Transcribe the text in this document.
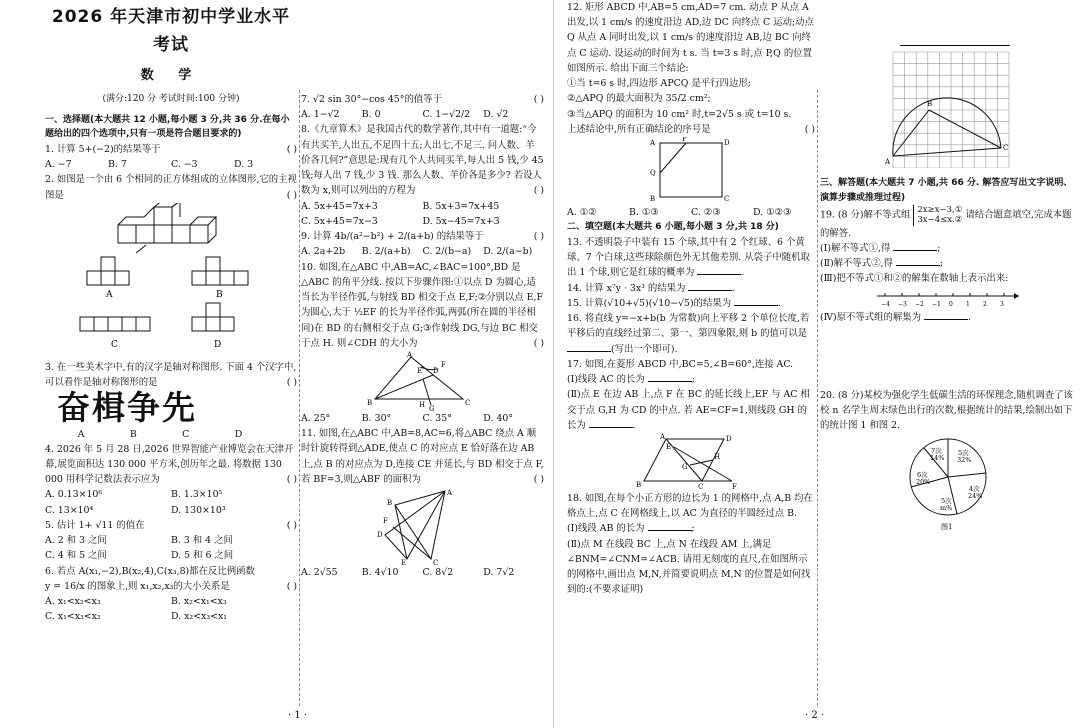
2026 年天津市初中学业水平考试
数 学
(满分:120 分 考试时间:100 分钟)
一、选择题(本大题共 12 小题,每小题 3 分,共 36 分.在每小题给出的四个选项中,只有一项是符合题目要求的)
1. 计算 5+(−2)的结果等于	( )
A. −7	B. 7	C. −3	D. 3
2. 如图是一个由 6 个相同的正方体组成的立体图形,它的主视图是	( )
A	B
C	D
3. 在一些美术字中,有的汉字是轴对称图形. 下面 4 个汉字中,可以看作是轴对称图形的是	( )
奋楫争先
A	B	C	D
4. 2026 年 5 月 28 日,2026 世界智能产业博览会在天津开幕,展览面积达 130 000 平方米,创历年之最. 将数据 130 000 用科学记数法表示应为	( )
A. 0.13×10⁶	B. 1.3×10⁵
C. 13×10⁴	D. 130×10³
5. 估计 1+ √11 的值在	( )
A. 2 和 3 之间	B. 3 和 4 之间
C. 4 和 5 之间	D. 5 和 6 之间
6. 若点 A(x₁,−2),B(x₂,4),C(x₃,8)都在反比例函数
y = 16/x 的图象上,则 x₁,x₂,x₃的大小关系是	( )
A. x₁<x₂<x₃	B. x₂<x₁<x₃
C. x₁<x₃<x₂	D. x₂<x₃<x₁
7. √2 sin 30°−cos 45°的值等于	( )
A. 1−√2	B. 0	C. 1−√2/2	D. √2
8.《九章算术》是我国古代的数学著作,其中有一道题:“今有共买羊,人出五,不足四十五;人出七,不足三. 问人数、羊价各几何?”意思是:现有几个人共同买羊,每人出 5 钱,少 45 钱;每人出 7 钱,少 3 钱. 那么人数、羊价各是多少? 若设人数为 x,则可以列出的方程为	( )
A. 5x+45=7x+3	B. 5x+3=7x+45
C. 5x+45=7x−3	D. 5x−45=7x+3
9. 计算 4b/(a²−b²) + 2/(a+b) 的结果等于	( )
A. 2a+2b	B. 2/(a+b)	C. 2/(b−a)	D. 2/(a−b)
10. 如图,在△ABC 中,AB=AC,∠BAC=100°,BD 是△ABC 的角平分线. 按以下步骤作图:①以点 D 为圆心,适当长为半径作弧,与射线 BD 相交于点 E,F;②分别以点 E,F 为圆心,大于 ½EF 的长为半径作弧,两弧(所在圆的半径相同)在 BD 的右侧相交于点 G;③作射线 DG,与边 BC 相交于点 H. 则∠CDH 的大小为	( )
A
B	C
D
E
F
G
H
A. 25°	B. 30°	C. 35°	D. 40°
11. 如图,在△ABC 中,AB=8,AC=6,将△ABC 绕点 A 顺时针旋转得到△ADE,使点 C 的对应点 E 恰好落在边 AB 上,点 B 的对应点为 D,连接 CE 并延长,与 BD 相交于点 F,若 BF=3,则△ABF 的面积为	( )
A
B
C
D
E
F
A. 2√55	B. 4√10	C. 8√2	D. 7√2
· 1 ·
12. 矩形 ABCD 中,AB=5 cm,AD=7 cm. 动点 P 从点 A 出发,以 1 cm/s 的速度沿边 AD,边 DC 向终点 C 运动;动点 Q 从点 A 同时出发,以 1 cm/s 的速度沿边 AB,边 BC 向终点 C 运动. 设运动的时间为 t s. 当 t=3 s 时,点 P,Q 的位置如图所示. 给出下面三个结论:
①当 t=6 s 时,四边形 APCQ 是平行四边形;
②△APQ 的最大面积为 35/2 cm²;
③当△APQ 的面积为 10 cm² 时,t=2√5 s 或 t=10 s.
上述结论中,所有正确结论的序号是	( )
A
B	C
D
P
Q
A. ①②	B. ①③	C. ②③	D. ①②③
二、填空题(本大题共 6 小题,每小题 3 分,共 18 分)
13. 不透明袋子中装有 15 个球,其中有 2 个红球、6 个黄球、7 个白球,这些球除颜色外无其他差别. 从袋子中随机取出 1 个球,则它是红球的概率为	.
14. 计算 x⁷y · 3x³ 的结果为	.
15. 计算(√10+√5)(√10−√5)的结果为	.
16. 将直线 y=−x+b(b 为常数)向上平移 2 个单位长度,若平移后的直线经过第二、第一、第四象限,则 b 的值可以是 (写出一个即可).
17. 如图,在菱形 ABCD 中,BC=5,∠B=60°,连接 AC.
(Ⅰ)线段 AC 的长为	;
(Ⅱ)点 E 在边 AB 上,点 F 在 BC 的延长线上,EF 与 AC 相交于点 G,H 为 CD 的中点. 若 AE=CF=1,则线段 GH 的长为	.
A
B	C
D
E
F
G
H
18. 如图,在每个小正方形的边长为 1 的网格中,点 A,B 均在格点上,点 C 在网格线上,以 AC 为直径的半圆经过点 B.
(Ⅰ)线段 AB 的长为	;
(Ⅱ)点 M 在线段 BC 上,点 N 在线段 AM 上,满足 ∠BNM=∠CNM=∠ACB. 请用无刻度的直尺,在如图所示的网格中,画出点 M,N,并简要说明点 M,N 的位置是如何找到的:(不要求证明)
· 2 ·
A
B
C
三、解答题(本大题共 7 小题,共 66 分. 解答应写出文字说明、演算步骤或推理过程)
19. (8 分)解不等式组 2x≥x−3,①
3x−4≤x.② 请结合题意填空,完成本题的解答.
(Ⅰ)解不等式①,得	;
(Ⅱ)解不等式②,得	;
(Ⅲ)把不等式①和②的解集在数轴上表示出来:
−4 −3 −2 −1 0 1 2 3
(Ⅳ)原不等式组的解集为	.
20. (8 分)某校为强化学生低碳生活的环保理念,随机调查了该校 n 名学生周末绿色出行的次数,根据统计的结果,绘制出如下的统计图 1 和图 2.
7次
14%
5次
32%
4次
24%
5次
m%
6次
20%
图1
